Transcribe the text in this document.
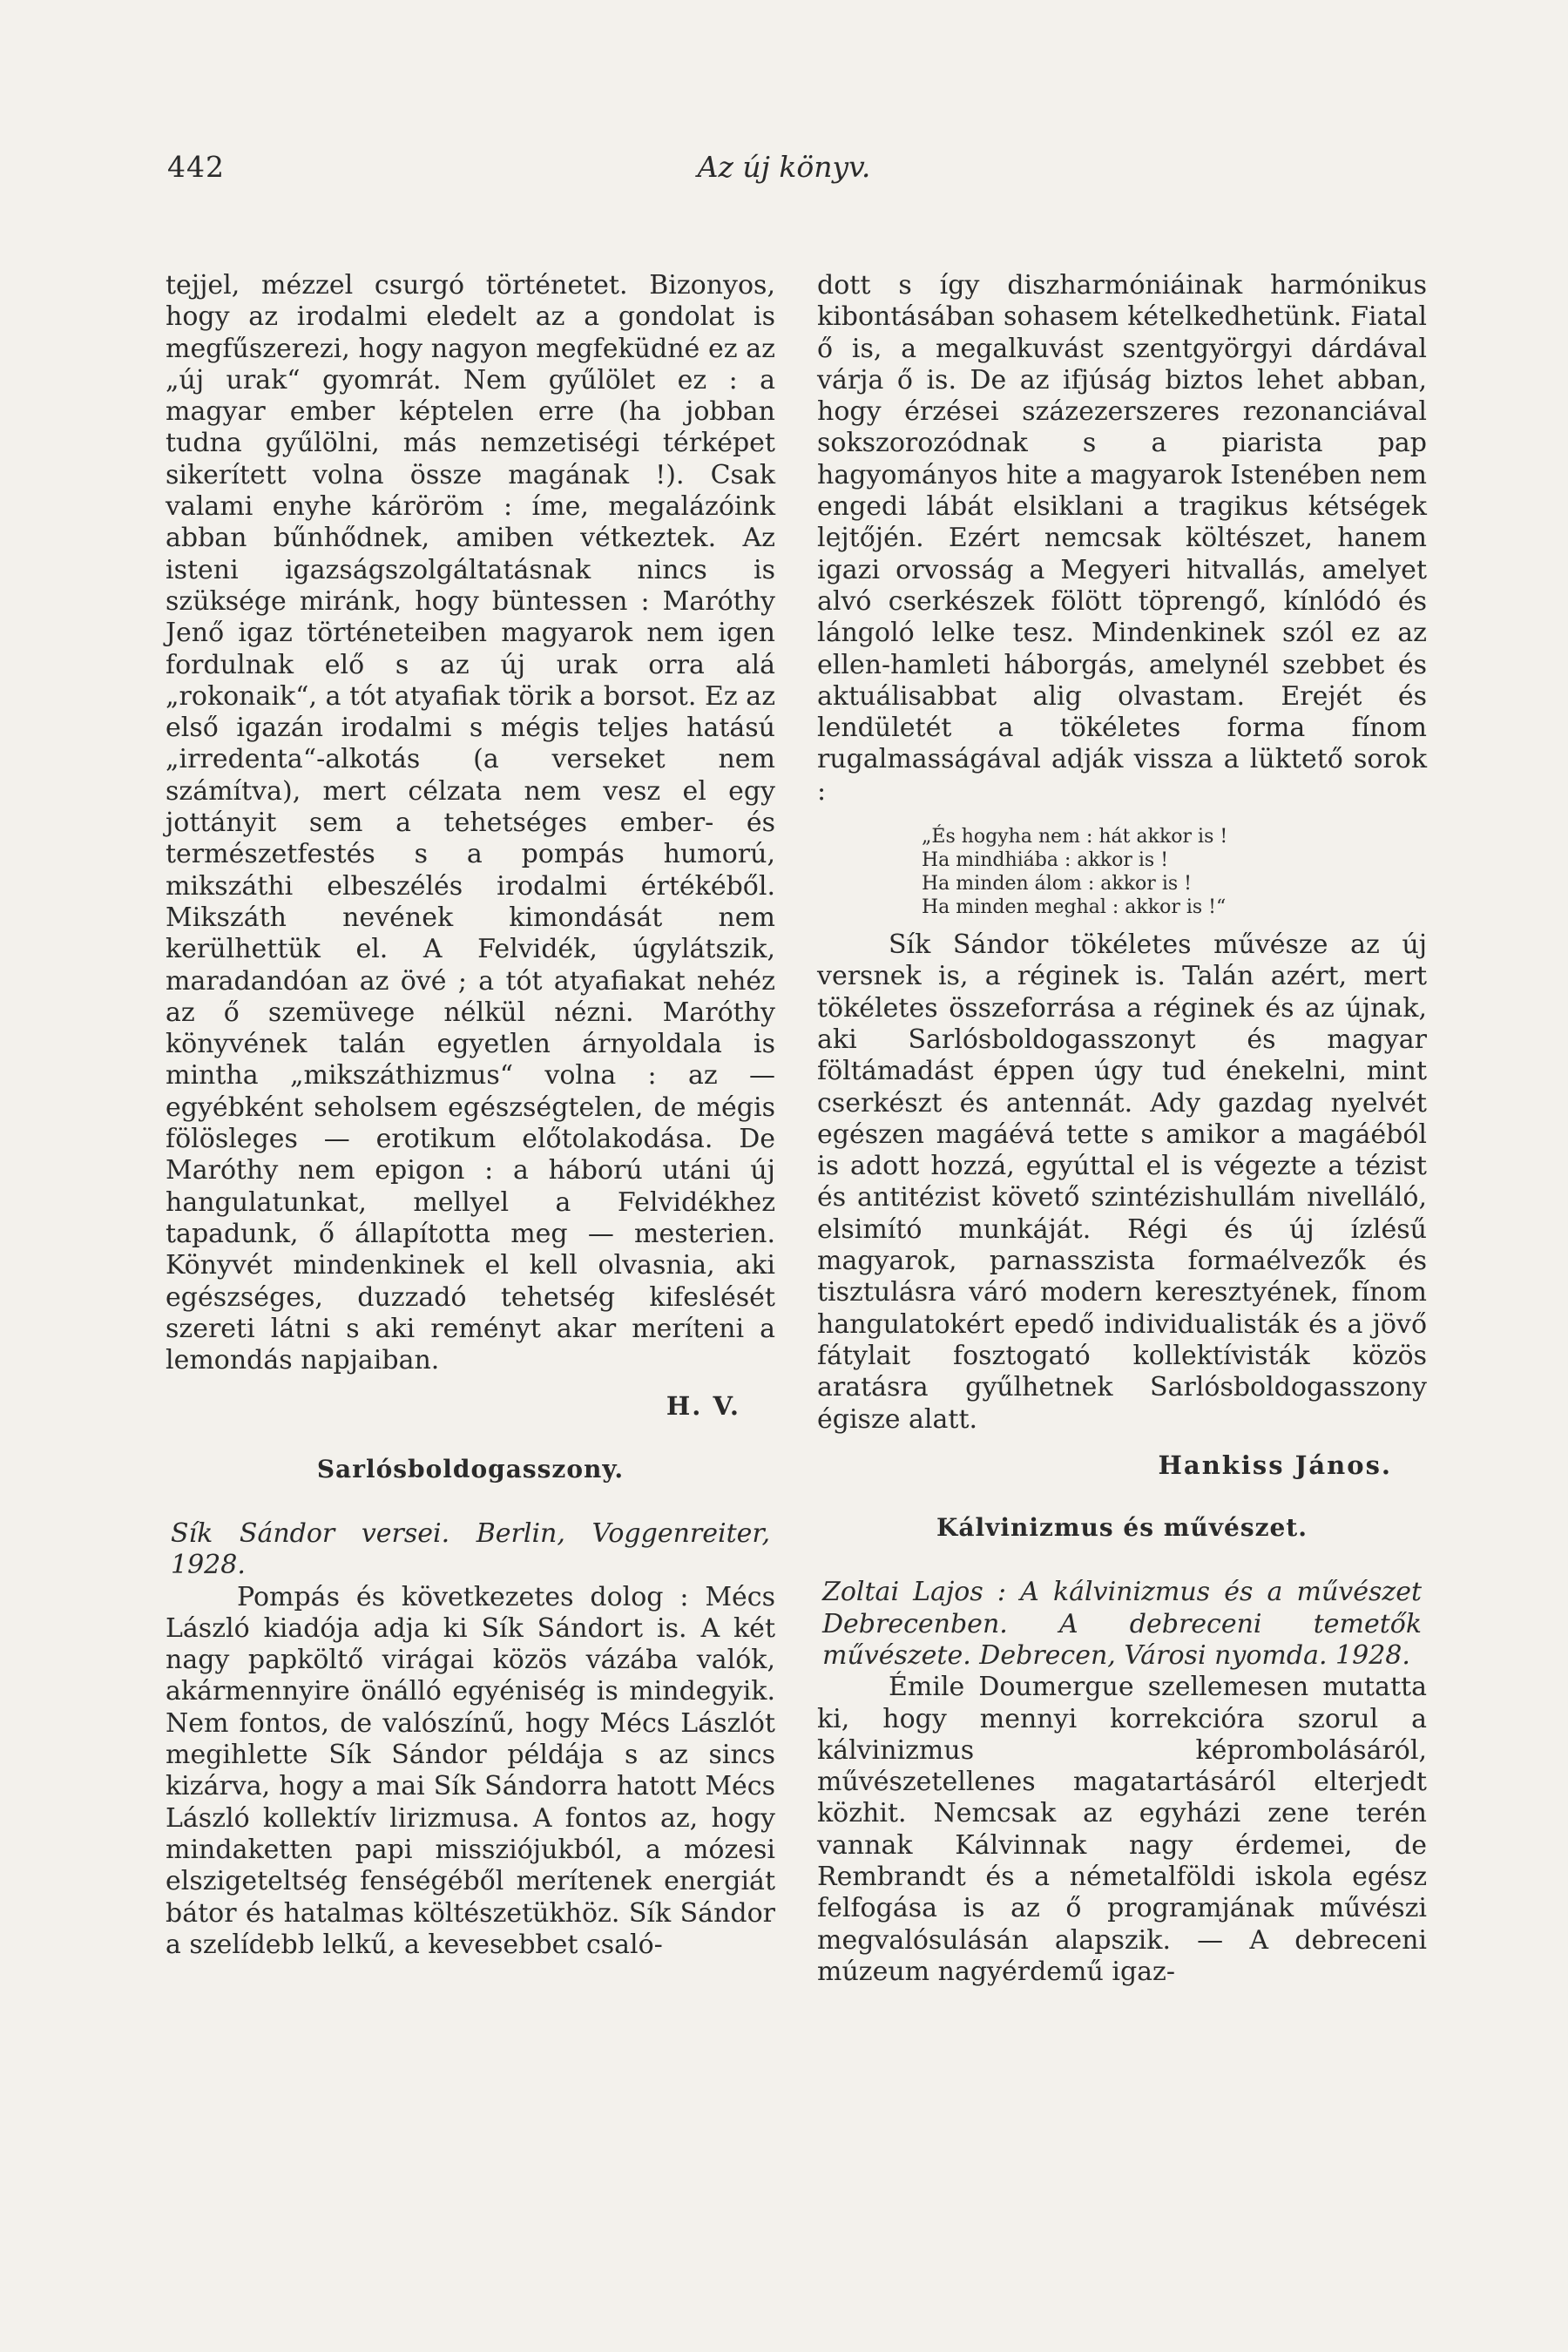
442	Az új könyv.

tejjel, mézzel csurgó történetet. Bizonyos, hogy az irodalmi eledelt az a gondolat is megfűszerezi, hogy nagyon megfeküdné ez az „új urak“ gyomrát. Nem gyűlölet ez : a magyar ember képtelen erre (ha jobban tudna gyűlölni, más nemzetiségi térképet sikerített volna össze magának !). Csak valami enyhe káröröm : íme, megalázóink abban bűnhődnek, amiben vétkeztek. Az isteni igazságszolgáltatásnak nincs is szüksége miránk, hogy büntessen : Maróthy Jenő igaz történeteiben magyarok nem igen fordulnak elő s az új urak orra alá „rokonaik“, a tót atyafiak törik a borsot. Ez az első igazán irodalmi s mégis teljes hatású „irredenta“-alkotás (a verseket nem számítva), mert célzata nem vesz el egy jottányit sem a tehetséges ember- és természetfestés s a pompás humorú, mikszáthi elbeszélés irodalmi értékéből. Mikszáth nevének kimondását nem kerülhettük el. A Felvidék, úgylátszik, maradandóan az övé ; a tót atyafiakat nehéz az ő szemüvege nélkül nézni. Maróthy könyvének talán egyetlen árnyoldala is mintha „mikszáthizmus“ volna : az — egyébként seholsem egészségtelen, de mégis fölösleges — erotikum előtolakodása. De Maróthy nem epigon : a háború utáni új hangulatunkat, mellyel a Felvidékhez tapadunk, ő állapította meg — mesterien. Könyvét mindenkinek el kell olvasnia, aki egészséges, duzzadó tehetség kifeslését szereti látni s aki reményt akar meríteni a lemondás napjaiban.

H. V.
Sarlósboldogasszony.

Sík Sándor versei. Berlin, Voggenreiter, 1928.

Pompás és következetes dolog : Mécs László kiadója adja ki Sík Sándort is. A két nagy papköltő virágai közös vázába valók, akármennyire önálló egyéniség is mindegyik. Nem fontos, de valószínű, hogy Mécs Lászlót megihlette Sík Sándor példája s az sincs kizárva, hogy a mai Sík Sándorra hatott Mécs László kollektív lirizmusa. A fontos az, hogy mindaketten papi missziójukból, a mózesi elszigeteltség fenségéből merítenek energiát bátor és hatalmas költészetükhöz. Sík Sándor a szelídebb lelkű, a kevesebbet csaló-

dott s így diszharmóniáinak harmónikus kibontásában sohasem kételkedhetünk. Fiatal ő is, a megalkuvást szentgyörgyi dárdával várja ő is. De az ifjúság biztos lehet abban, hogy érzései százezerszeres rezonanciával sokszorozódnak s a piarista pap hagyományos hite a magyarok Istenében nem engedi lábát elsiklani a tragikus kétségek lejtőjén. Ezért nemcsak költészet, hanem igazi orvosság a Megyeri hitvallás, amelyet alvó cserkészek fölött töprengő, kínlódó és lángoló lelke tesz. Mindenkinek szól ez az ellen-hamleti háborgás, amelynél szebbet és aktuálisabbat alig olvastam. Erejét és lendületét a tökéletes forma fínom rugalmasságával adják vissza a lüktető sorok :

„És hogyha nem : hát akkor is !
Ha mindhiába : akkor is !
Ha minden álom : akkor is !
Ha minden meghal : akkor is !“

Sík Sándor tökéletes művésze az új versnek is, a réginek is. Talán azért, mert tökéletes összeforrása a réginek és az újnak, aki Sarlósboldogasszonyt és magyar föltámadást éppen úgy tud énekelni, mint cserkészt és antennát. Ady gazdag nyelvét egészen magáévá tette s amikor a magáéból is adott hozzá, egyúttal el is végezte a tézist és antitézist követő szintézishullám nivelláló, elsimító munkáját. Régi és új ízlésű magyarok, parnasszista formaélvezők és tisztulásra váró modern keresztyének, fínom hangulatokért epedő individualisták és a jövő fátylait fosztogató kollektívisták közös aratásra gyűlhetnek Sarlósboldogasszony égisze alatt.

Hankiss János.
Kálvinizmus és művészet.

Zoltai Lajos : A kálvinizmus és a művészet Debrecenben. A debreceni temetők művészete. Debrecen, Városi nyomda. 1928.

Émile Doumergue szellemesen mutatta ki, hogy mennyi korrekcióra szorul a kálvinizmus képrombolásáról, művészetellenes magatartásáról elterjedt közhit. Nemcsak az egyházi zene terén vannak Kálvinnak nagy érdemei, de Rembrandt és a németalföldi iskola egész felfogása is az ő programjának művészi megvalósulásán alapszik. — A debreceni múzeum nagyérdemű igaz-
